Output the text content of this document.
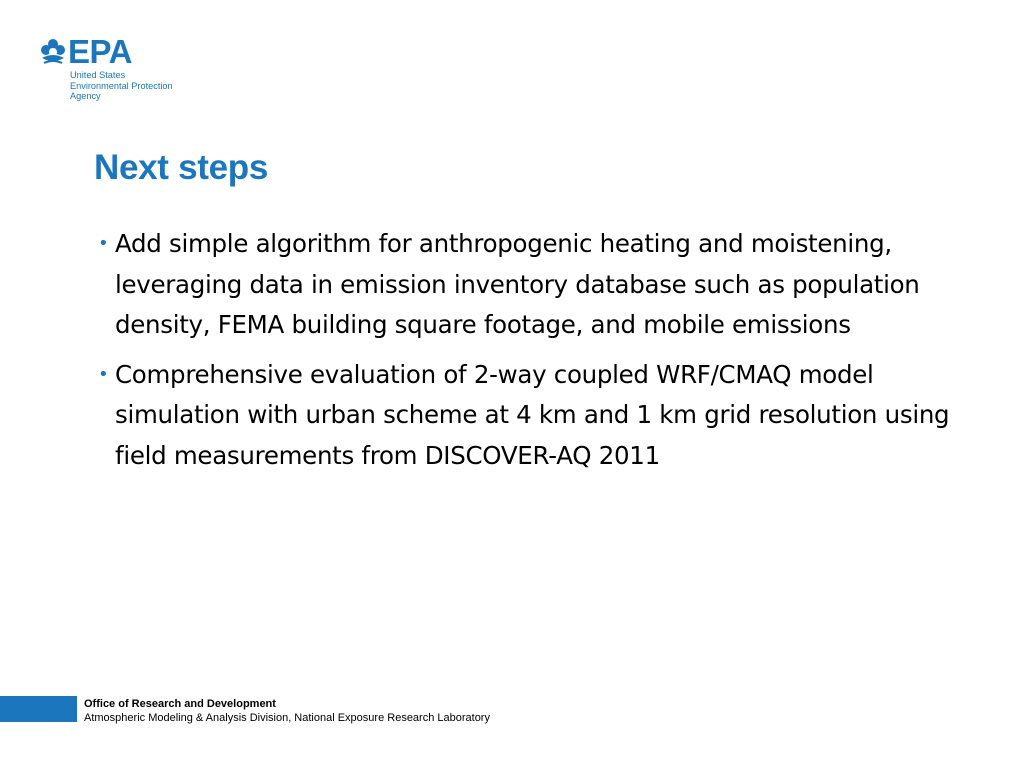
EPA
United States
Environmental Protection
Agency
Next steps
• Add simple algorithm for anthropogenic heating and moistening, leveraging data in emission inventory database such as population density, FEMA building square footage, and mobile emissions
• Comprehensive evaluation of 2-way coupled WRF/CMAQ model simulation with urban scheme at 4 km and 1 km grid resolution using field measurements from DISCOVER-AQ 2011
Office of Research and Development
Atmospheric Modeling & Analysis Division, National Exposure Research Laboratory
